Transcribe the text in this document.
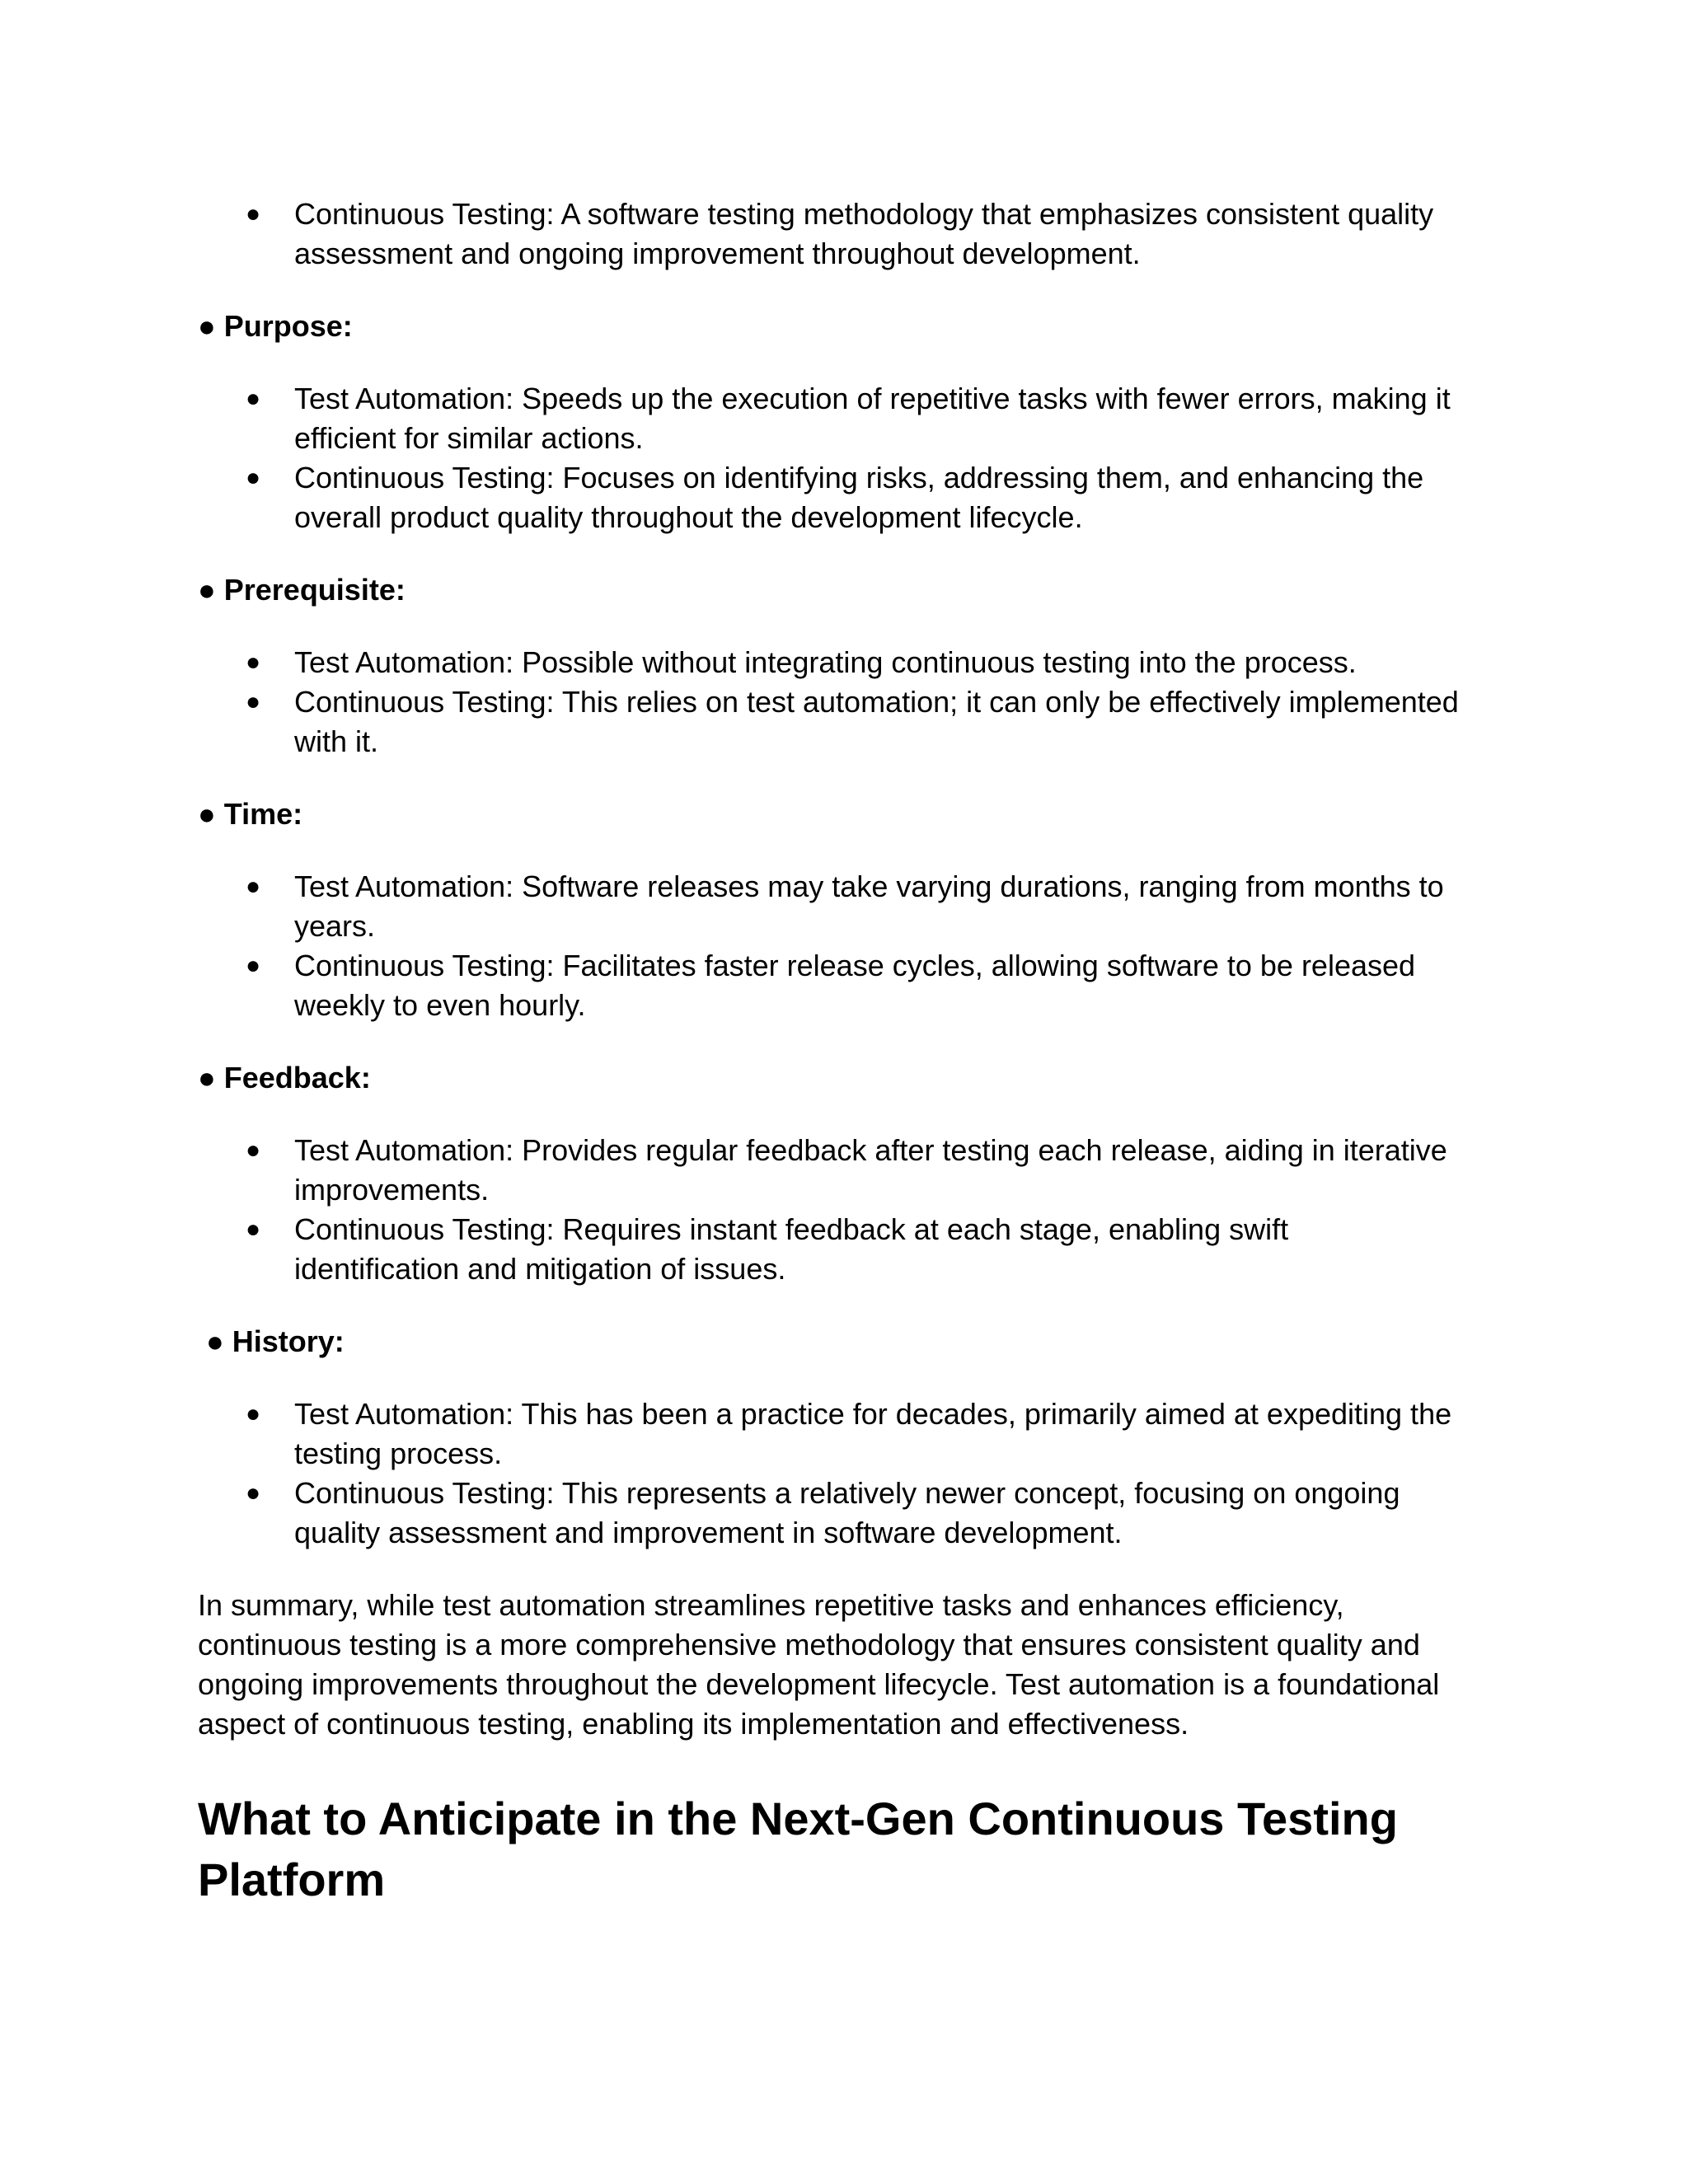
● Continuous Testing: A software testing methodology that emphasizes consistent quality

assessment and ongoing improvement throughout development.

● Purpose:

● Test Automation: Speeds up the execution of repetitive tasks with fewer errors, making it

efficient for similar actions.

● Continuous Testing: Focuses on identifying risks, addressing them, and enhancing the

overall product quality throughout the development lifecycle.

● Prerequisite:

● Test Automation: Possible without integrating continuous testing into the process.

● Continuous Testing: This relies on test automation; it can only be effectively implemented

with it.

● Time:

● Test Automation: Software releases may take varying durations, ranging from months to

years.

● Continuous Testing: Facilitates faster release cycles, allowing software to be released

weekly to even hourly.

● Feedback:

● Test Automation: Provides regular feedback after testing each release, aiding in iterative

improvements.

● Continuous Testing: Requires instant feedback at each stage, enabling swift

identification and mitigation of issues.

● History:

● Test Automation: This has been a practice for decades, primarily aimed at expediting the

testing process.

● Continuous Testing: This represents a relatively newer concept, focusing on ongoing

quality assessment and improvement in software development.

In summary, while test automation streamlines repetitive tasks and enhances efficiency,

continuous testing is a more comprehensive methodology that ensures consistent quality and

ongoing improvements throughout the development lifecycle. Test automation is a foundational

aspect of continuous testing, enabling its implementation and effectiveness.

What to Anticipate in the Next-Gen Continuous Testing

Platform
